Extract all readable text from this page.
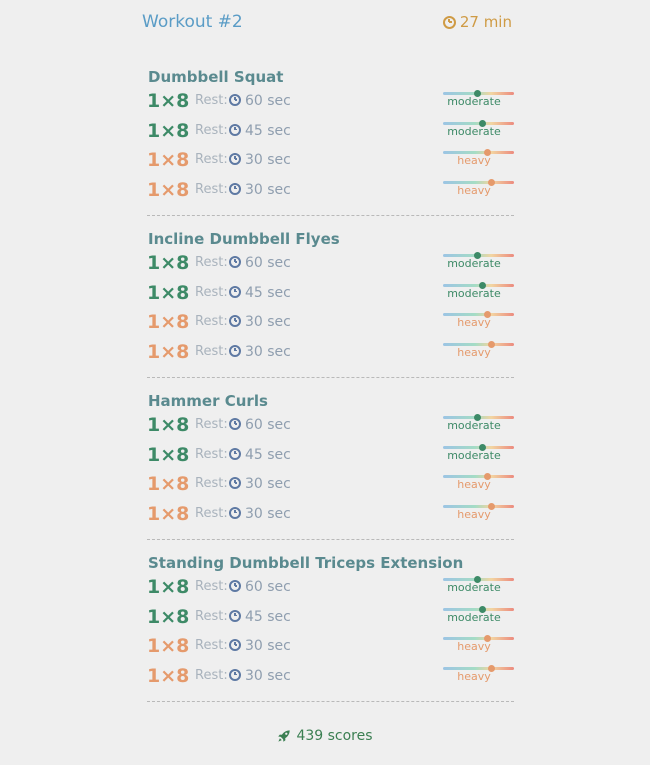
Workout #2	27 min
Dumbbell Squat
1×8 Rest: 60 sec	moderate
1×8 Rest: 45 sec	moderate
1×8 Rest: 30 sec	heavy
1×8 Rest: 30 sec	heavy
Incline Dumbbell Flyes
1×8 Rest: 60 sec	moderate
1×8 Rest: 45 sec	moderate
1×8 Rest: 30 sec	heavy
1×8 Rest: 30 sec	heavy
Hammer Curls
1×8 Rest: 60 sec	moderate
1×8 Rest: 45 sec	moderate
1×8 Rest: 30 sec	heavy
1×8 Rest: 30 sec	heavy
Standing Dumbbell Triceps Extension
1×8 Rest: 60 sec	moderate
1×8 Rest: 45 sec	moderate
1×8 Rest: 30 sec	heavy
1×8 Rest: 30 sec	heavy
439 scores
